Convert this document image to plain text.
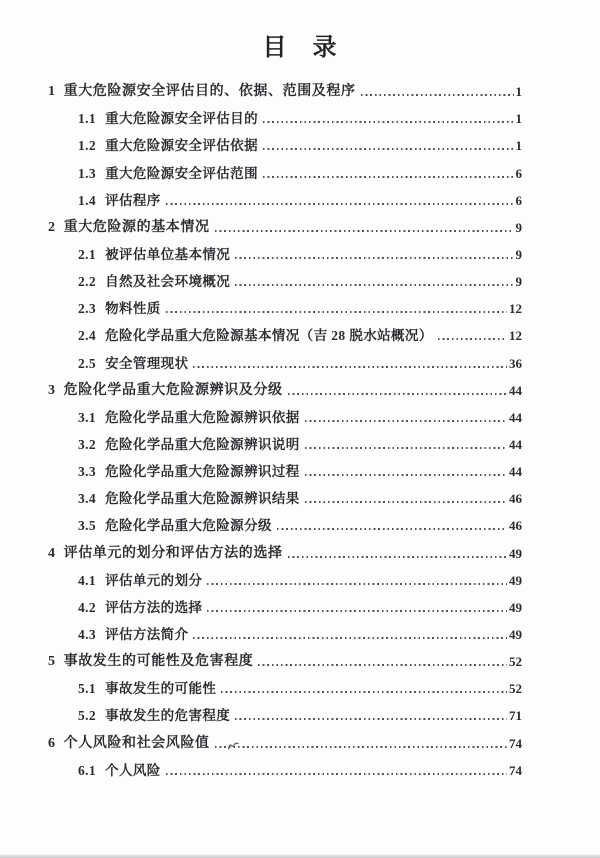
目　录
1 重大危险源安全评估目的、依据、范围及程序	1
1.1 重大危险源安全评估目的	1
1.2 重大危险源安全评估依据	1
1.3 重大危险源安全评估范围	6
1.4 评估程序	6
2 重大危险源的基本情况	9
2.1 被评估单位基本情况	9
2.2 自然及社会环境概况	9
2.3 物料性质	12
2.4 危险化学品重大危险源基本情况（吉 28 脱水站概况）	12
2.5 安全管理现状	36
3 危险化学品重大危险源辨识及分级	44
3.1 危险化学品重大危险源辨识依据	44
3.2 危险化学品重大危险源辨识说明	44
3.3 危险化学品重大危险源辨识过程	44
3.4 危险化学品重大危险源辨识结果	46
3.5 危险化学品重大危险源分级	46
4 评估单元的划分和评估方法的选择	49
4.1 评估单元的划分	49
4.2 评估方法的选择	49
4.3 评估方法简介	49
5 事故发生的可能性及危害程度	52
5.1 事故发生的可能性	52
5.2 事故发生的危害程度	71
6 个人风险和社会风险值	74
6.1 个人风险	74
